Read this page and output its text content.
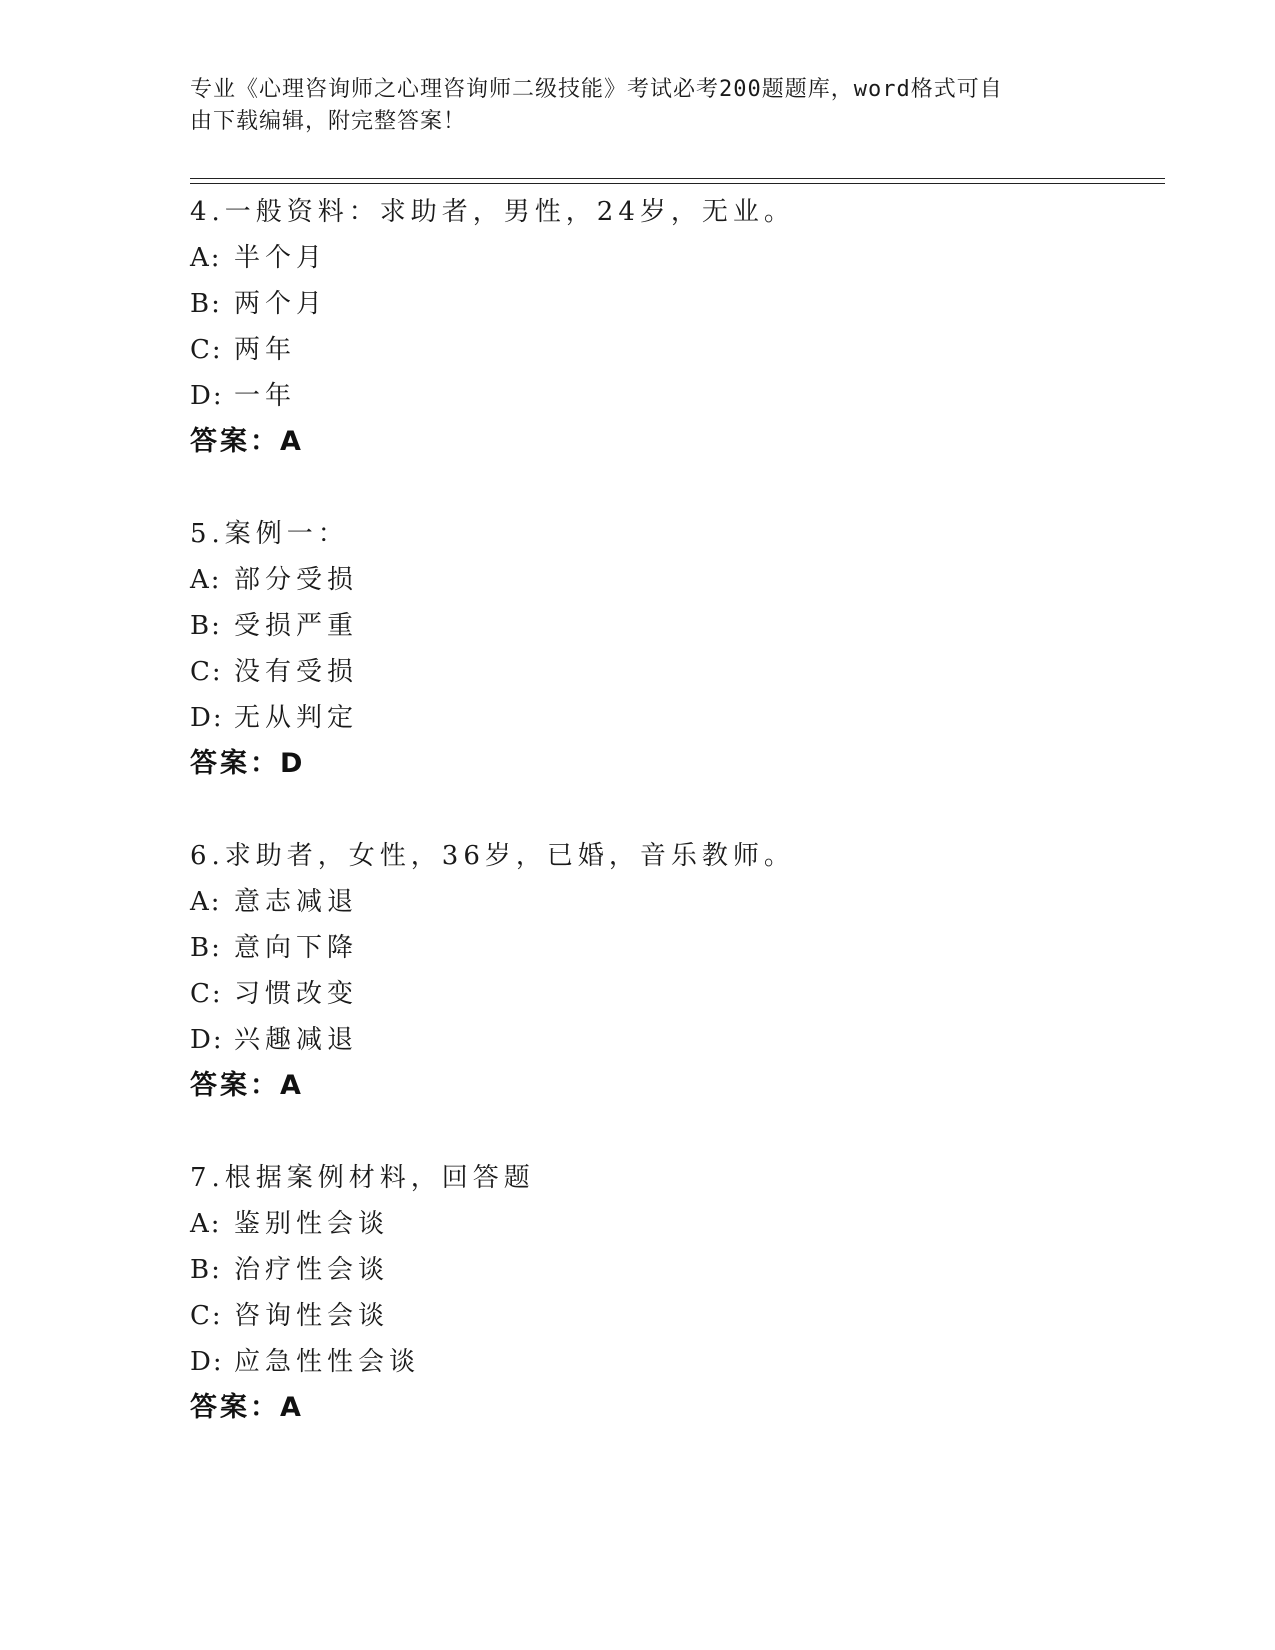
专业《心理咨询师之心理咨询师二级技能》考试必考200题题库，word格式可自
由下载编辑，附完整答案！
4.一般资料：求助者，男性，24岁，无业。
A: 半个月
B: 两个月
C: 两年
D: 一年
答案：A
5.案例一：
A: 部分受损
B: 受损严重
C: 没有受损
D: 无从判定
答案：D
6.求助者，女性，36岁，已婚，音乐教师。
A: 意志减退
B: 意向下降
C: 习惯改变
D: 兴趣减退
答案：A
7.根据案例材料，回答题
A: 鉴别性会谈
B: 治疗性会谈
C: 咨询性会谈
D: 应急性性会谈
答案：A
